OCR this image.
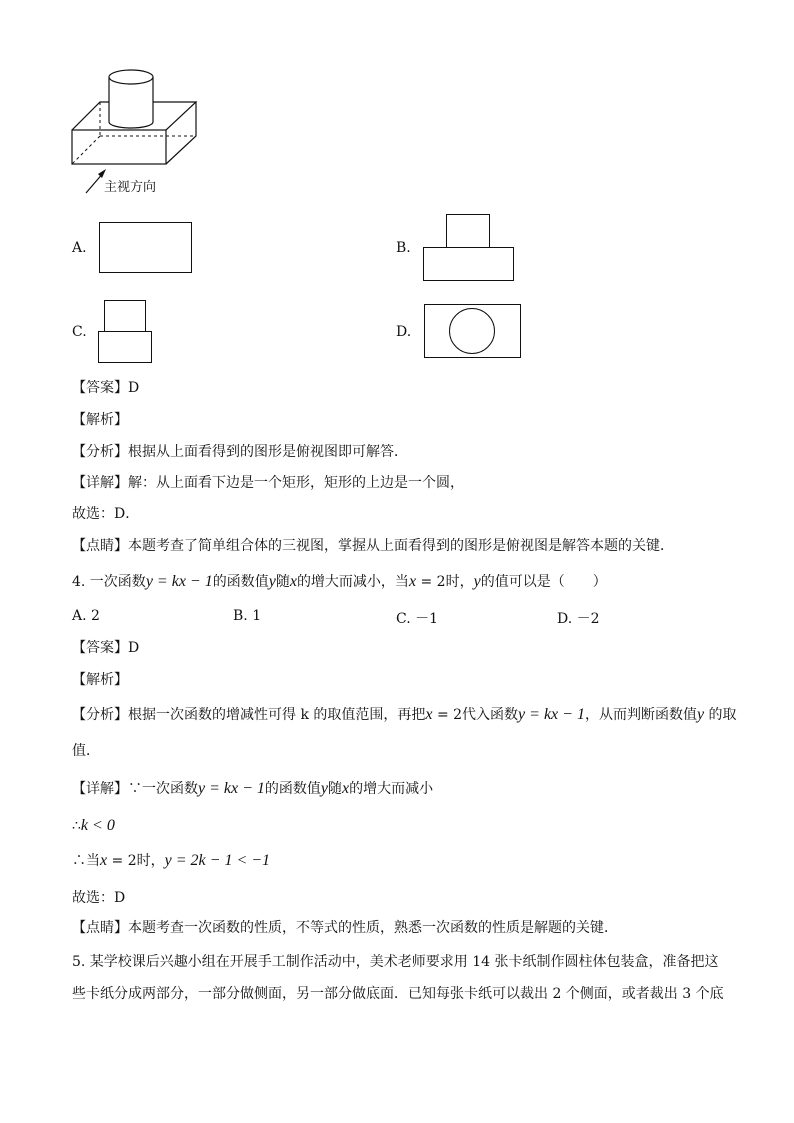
主视方向
A.	B.
C.	D.
【答案】D
【解析】
【分析】根据从上面看得到的图形是俯视图即可解答．
【详解】解：从上面看下边是一个矩形，矩形的上边是一个圆，
故选：D．
【点睛】本题考查了简单组合体的三视图，掌握从上面看得到的图形是俯视图是解答本题的关键．
4. 一次函数y = kx − 1的函数值y随x的增大而减小，当x = 2时，y的值可以是（　　）
A. 2	B. 1	C. －1	D. －2
【答案】D
【解析】
【分析】根据一次函数的增减性可得 k 的取值范围，再把x = 2代入函数y = kx − 1，从而判断函数值y 的取
值．
【详解】∵一次函数y = kx − 1的函数值y随x的增大而减小
∴k < 0
∴当x = 2时，y = 2k − 1 < −1
故选：D
【点睛】本题考查一次函数的性质，不等式的性质，熟悉一次函数的性质是解题的关键．
5. 某学校课后兴趣小组在开展手工制作活动中，美术老师要求用 14 张卡纸制作圆柱体包装盒，准备把这
些卡纸分成两部分，一部分做侧面，另一部分做底面．已知每张卡纸可以裁出 2 个侧面，或者裁出 3 个底
